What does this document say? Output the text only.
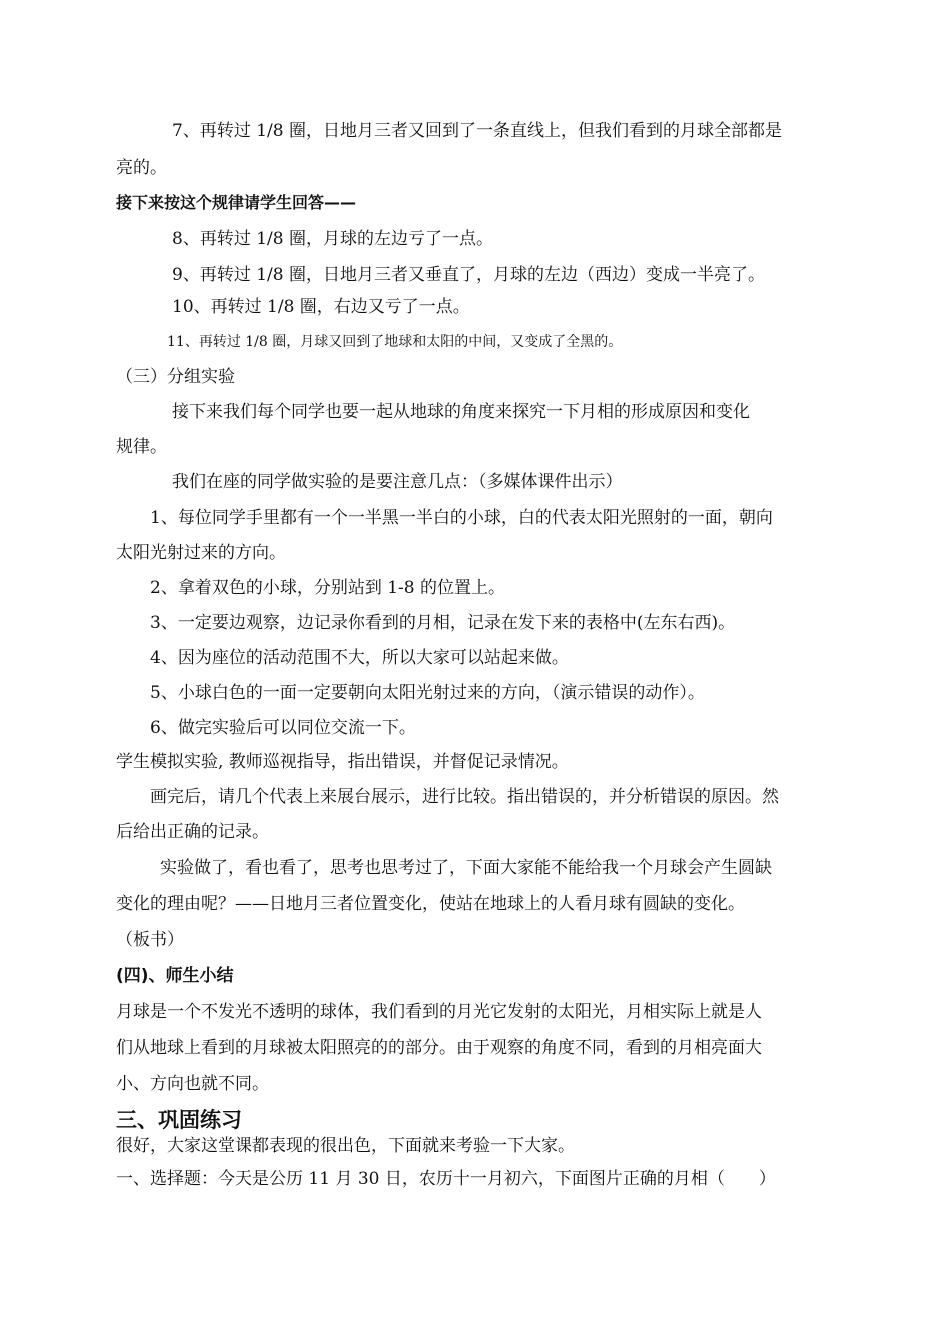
7、再转过 1/8 圈，日地月三者又回到了一条直线上，但我们看到的月球全部都是
亮的。
接下来按这个规律请学生回答——
8、再转过 1/8 圈，月球的左边亏了一点。
9、再转过 1/8 圈，日地月三者又垂直了，月球的左边（西边）变成一半亮了。
10、再转过 1/8 圈，右边又亏了一点。
11、再转过 1/8 圈，月球又回到了地球和太阳的中间，又变成了全黑的。
（三）分组实验
接下来我们每个同学也要一起从地球的角度来探究一下月相的形成原因和变化
规律。
我们在座的同学做实验的是要注意几点：（多媒体课件出示）
1、每位同学手里都有一个一半黑一半白的小球，白的代表太阳光照射的一面，朝向
太阳光射过来的方向。
2、拿着双色的小球，分别站到 1-8 的位置上。
3、一定要边观察，边记录你看到的月相，记录在发下来的表格中(左东右西)。
4、因为座位的活动范围不大，所以大家可以站起来做。
5、小球白色的一面一定要朝向太阳光射过来的方向，（演示错误的动作）。
6、做完实验后可以同位交流一下。
学生模拟实验, 教师巡视指导，指出错误，并督促记录情况。
画完后，请几个代表上来展台展示，进行比较。指出错误的，并分析错误的原因。然
后给出正确的记录。
实验做了，看也看了，思考也思考过了，下面大家能不能给我一个月球会产生圆缺
变化的理由呢？——日地月三者位置变化，使站在地球上的人看月球有圆缺的变化。
（板书）
(四)、师生小结
月球是一个不发光不透明的球体，我们看到的月光它发射的太阳光，月相实际上就是人
们从地球上看到的月球被太阳照亮的的部分。由于观察的角度不同，看到的月相亮面大
小、方向也就不同。
三、巩固练习
很好，大家这堂课都表现的很出色，下面就来考验一下大家。
一、选择题：今天是公历 11 月 30 日，农历十一月初六，下面图片正确的月相（　　）
